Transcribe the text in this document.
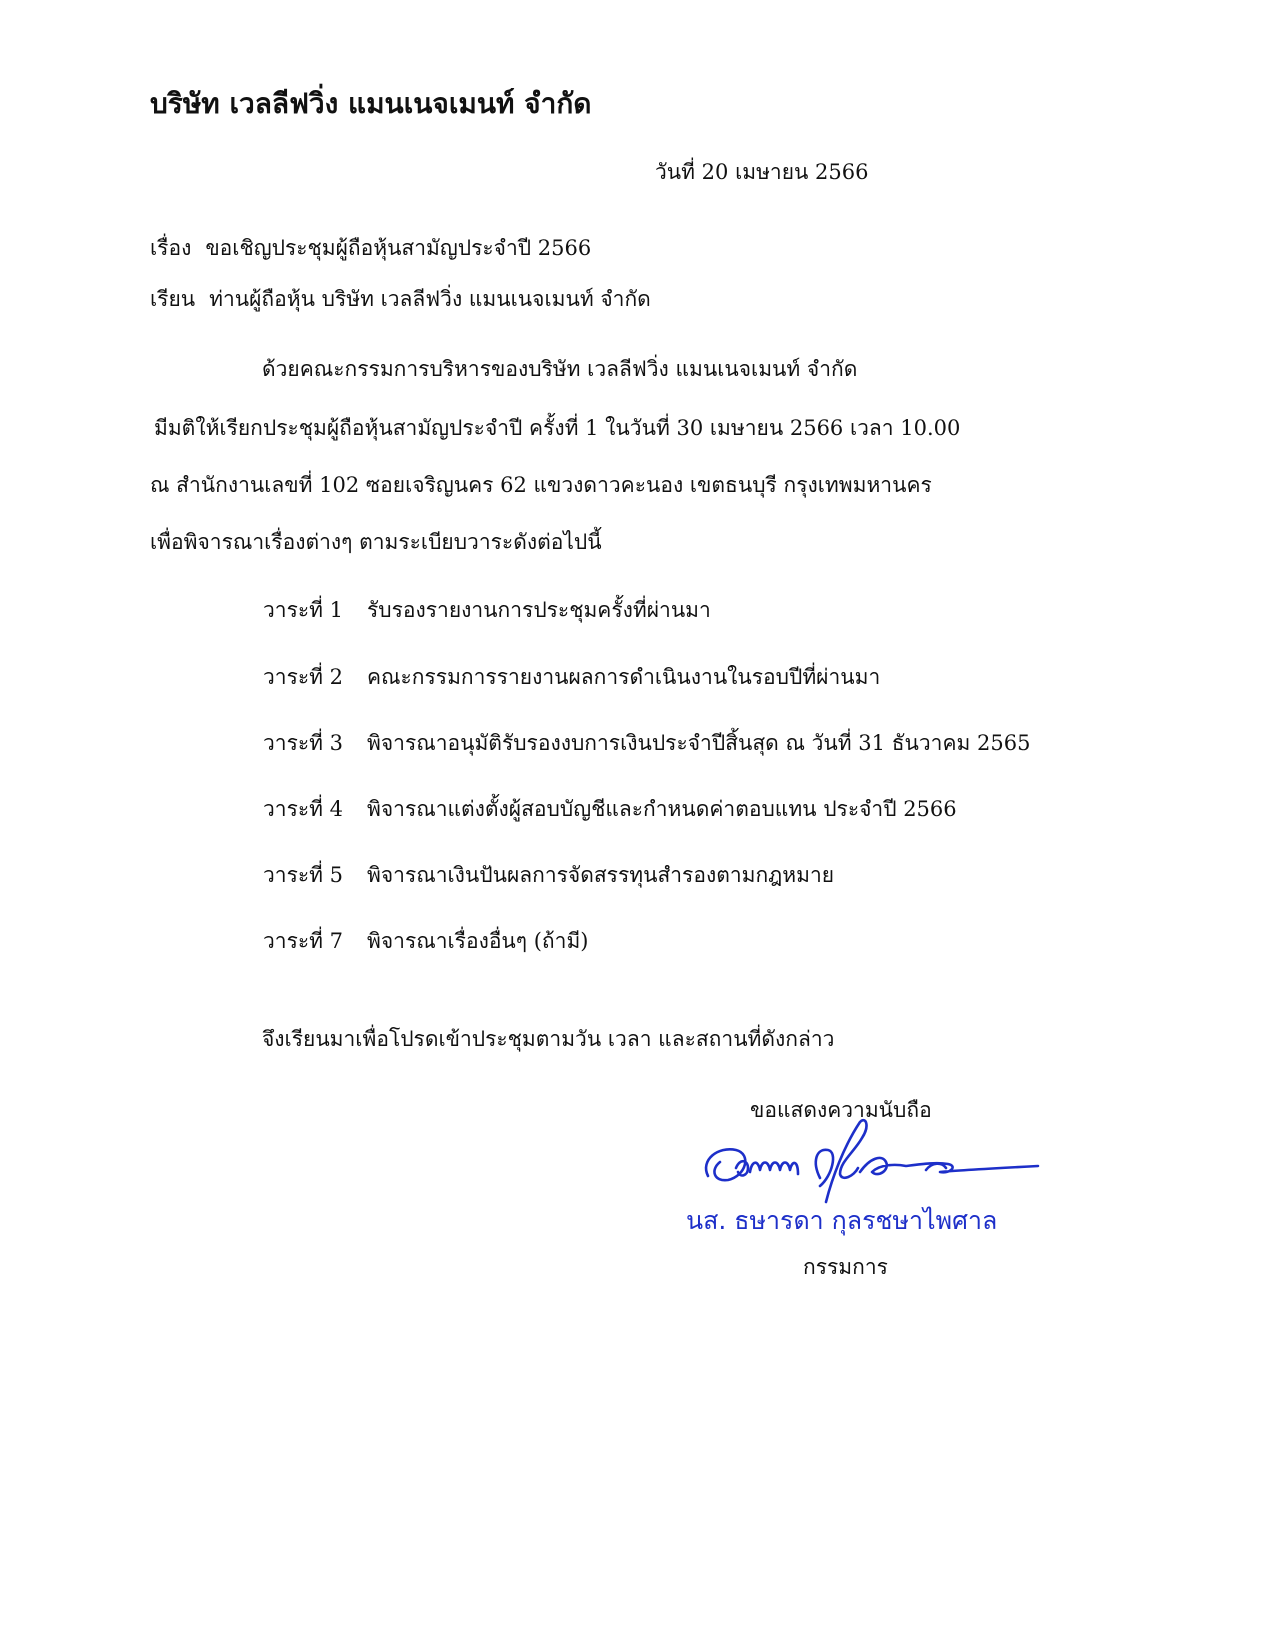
บริษัท เวลลีฟวิ่ง แมนเนจเมนท์ จำกัด
วันที่ 20 เมษายน 2566
เรื่อง ขอเชิญประชุมผู้ถือหุ้นสามัญประจำปี 2566
เรียน ท่านผู้ถือหุ้น บริษัท เวลลีฟวิ่ง แมนเนจเมนท์ จำกัด
ด้วยคณะกรรมการบริหารของบริษัท เวลลีฟวิ่ง แมนเนจเมนท์ จำกัด
มีมติให้เรียกประชุมผู้ถือหุ้นสามัญประจำปี ครั้งที่ 1 ในวันที่ 30 เมษายน 2566 เวลา 10.00
ณ สำนักงานเลขที่ 102 ซอยเจริญนคร 62 แขวงดาวคะนอง เขตธนบุรี กรุงเทพมหานคร
เพื่อพิจารณาเรื่องต่างๆ ตามระเบียบวาระดังต่อไปนี้
วาระที่ 1 รับรองรายงานการประชุมครั้งที่ผ่านมา
วาระที่ 2 คณะกรรมการรายงานผลการดำเนินงานในรอบปีที่ผ่านมา
วาระที่ 3 พิจารณาอนุมัติรับรองงบการเงินประจำปีสิ้นสุด ณ วันที่ 31 ธันวาคม 2565
วาระที่ 4 พิจารณาแต่งตั้งผู้สอบบัญชีและกำหนดค่าตอบแทน ประจำปี 2566
วาระที่ 5 พิจารณาเงินปันผลการจัดสรรทุนสำรองตามกฎหมาย
วาระที่ 7 พิจารณาเรื่องอื่นๆ (ถ้ามี)
จึงเรียนมาเพื่อโปรดเข้าประชุมตามวัน เวลา และสถานที่ดังกล่าว
ขอแสดงความนับถือ
นส. ธษารดา กุลรชษาไพศาล
กรรมการ
